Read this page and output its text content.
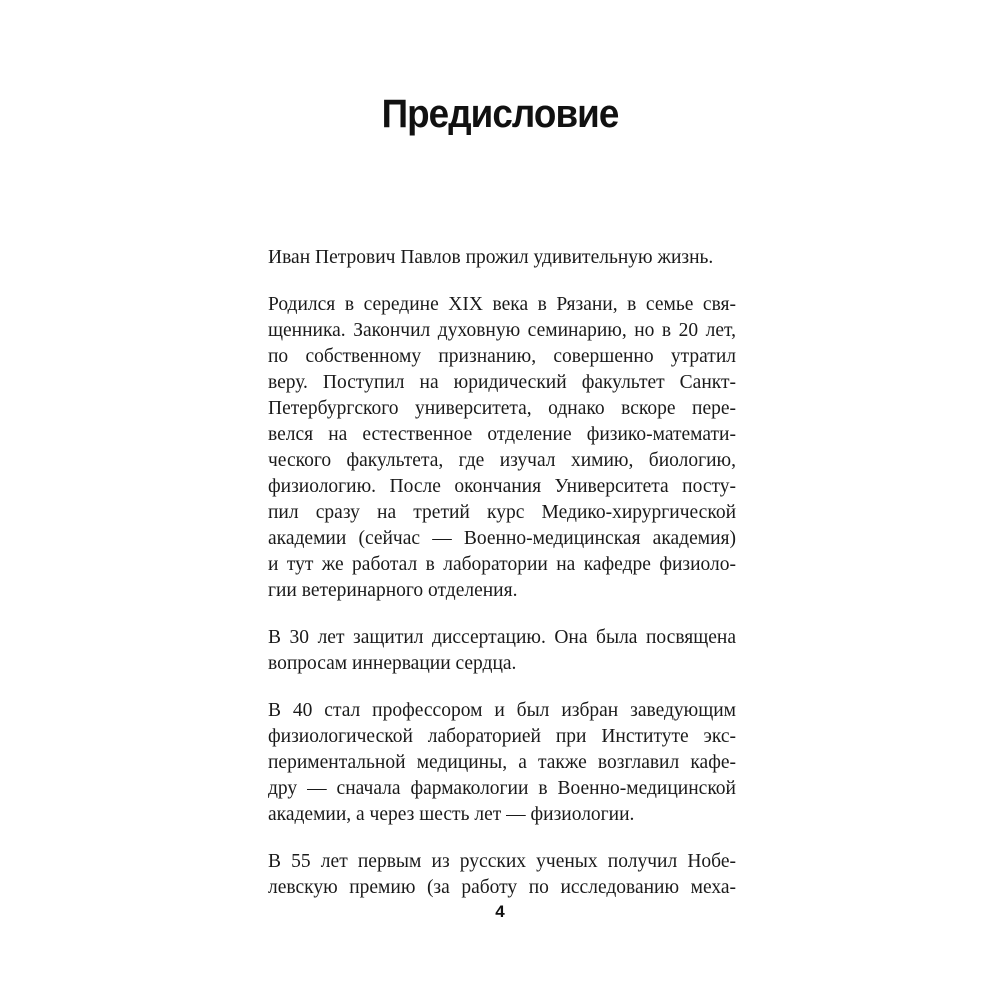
Предисловие

Иван Петрович Павлов прожил удивительную жизнь.

Родился в середине XIX века в Рязани, в семье свя-
щенника. Закончил духовную семинарию, но в 20 лет,
по собственному признанию, совершенно утратил
веру. Поступил на юридический факультет Санкт-
Петербургского университета, однако вскоре пере-
велся на естественное отделение физико-математи-
ческого факультета, где изучал химию, биологию,
физиологию. После окончания Университета посту-
пил сразу на третий курс Медико-хирургической
академии (сейчас — Военно-медицинская академия)
и тут же работал в лаборатории на кафедре физиоло-
гии ветеринарного отделения.

В 30 лет защитил диссертацию. Она была посвящена
вопросам иннервации сердца.

В 40 стал профессором и был избран заведующим
физиологической лабораторией при Институте экс-
периментальной медицины, а также возглавил кафе-
дру — сначала фармакологии в Военно-медицинской
академии, а через шесть лет — физиологии.

В 55 лет первым из русских ученых получил Нобе-
левскую премию (за работу по исследованию меха-

4
